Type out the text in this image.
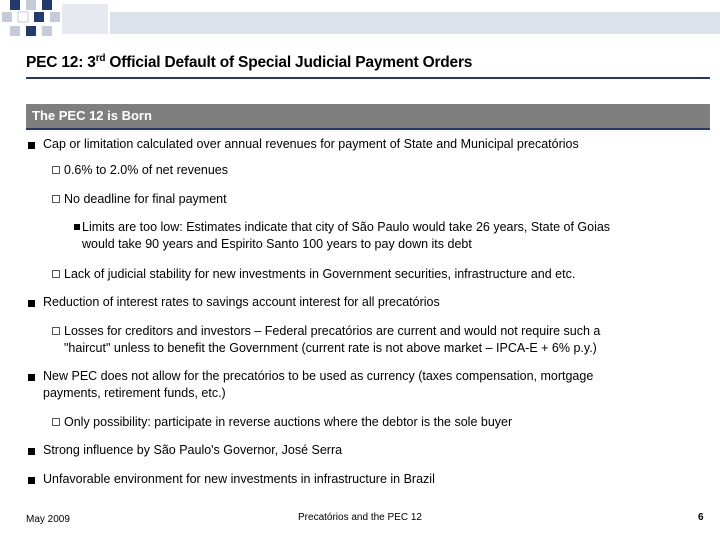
PEC 12: 3rd Official Default of Special Judicial Payment Orders
The PEC 12 is Born
Cap or limitation calculated over annual revenues for payment of State and Municipal precatórios
0.6% to 2.0% of net revenues
No deadline for final payment
Limits are too low: Estimates indicate that city of São Paulo would take 26 years, State of Goias
would take 90 years and Espirito Santo 100 years to pay down its debt
Lack of judicial stability for new investments in Government securities, infrastructure and etc.
Reduction of interest rates to savings account interest for all precatórios
Losses for creditors and investors – Federal precatórios are current and would not require such a
"haircut" unless to benefit the Government (current rate is not above market – IPCA-E + 6% p.y.)
New PEC does not allow for the precatórios to be used as currency (taxes compensation, mortgage
payments, retirement funds, etc.)
Only possibility: participate in reverse auctions where the debtor is the sole buyer
Strong influence by São Paulo's Governor, José Serra
Unfavorable environment for new investments in infrastructure in Brazil
May 2009	Precatórios and the PEC 12	6
